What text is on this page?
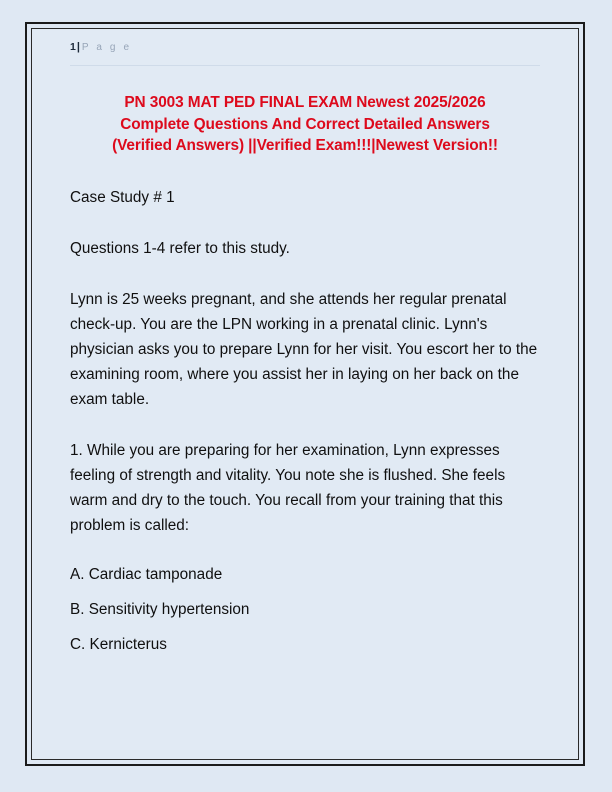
1| P a g e
PN 3003 MAT PED FINAL EXAM Newest 2025/2026
Complete Questions And Correct Detailed Answers
(Verified Answers) ||Verified Exam!!!|Newest Version!!

Case Study # 1

Questions 1-4 refer to this study.

Lynn is 25 weeks pregnant, and she attends her regular prenatal check-up. You are the LPN working in a prenatal clinic. Lynn's physician asks you to prepare Lynn for her visit. You escort her to the examining room, where you assist her in laying on her back on the exam table.

1. While you are preparing for her examination, Lynn expresses feeling of strength and vitality. You note she is flushed. She feels warm and dry to the touch. You recall from your training that this problem is called:

A. Cardiac tamponade

B. Sensitivity hypertension

C. Kernicterus
